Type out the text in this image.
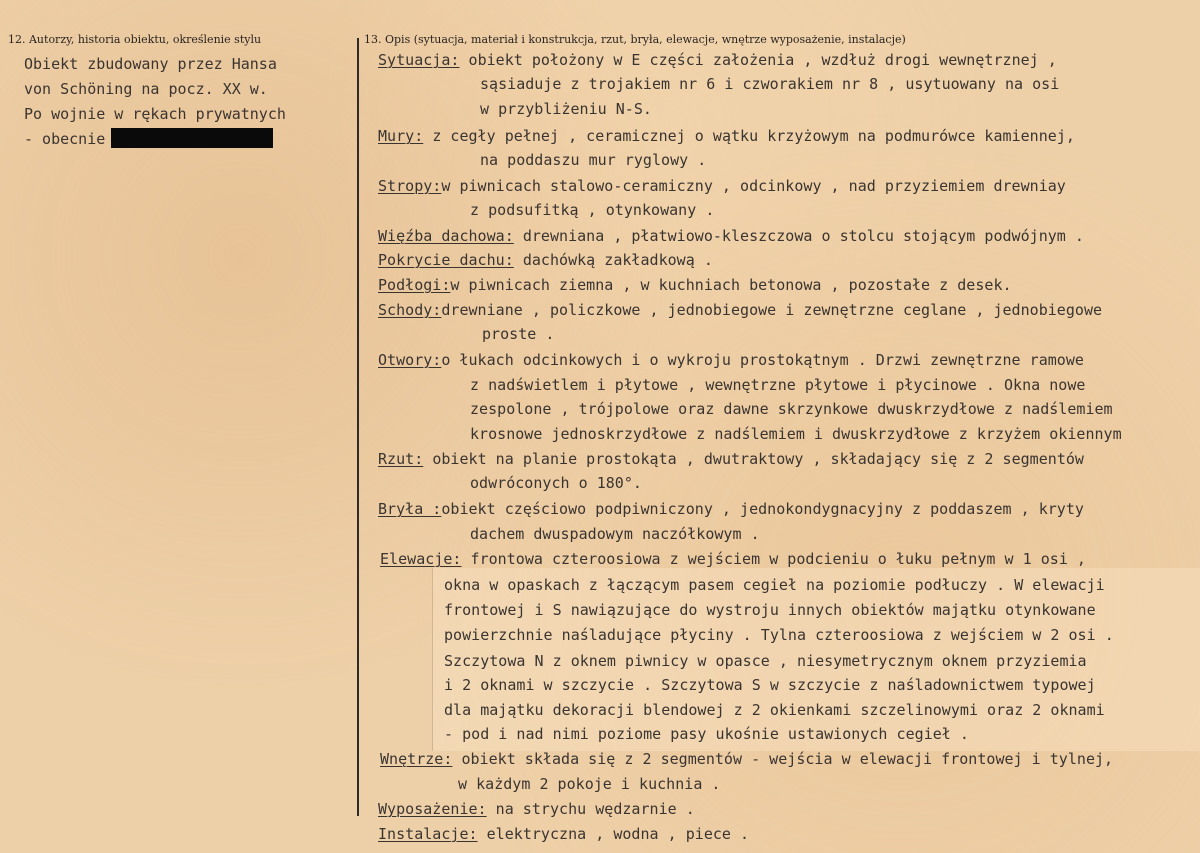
12. Autorzy, historia obiektu, określenie stylu	13. Opis (sytuacja, materiał i konstrukcja, rzut, bryła, elewacje, wnętrze wyposażenie, instalacje)
Obiekt zbudowany przez Hansa
von Schöning na pocz. XX w.
Po wojnie w rękach prywatnych
- obecnie
Sytuacja: obiekt położony w E części założenia , wzdłuż drogi wewnętrznej ,
sąsiaduje z trojakiem nr 6 i czworakiem nr 8 , usytuowany na osi
w przybliżeniu N-S.
Mury: z cegły pełnej , ceramicznej o wątku krzyżowym na podmurówce kamiennej,
na poddaszu mur ryglowy .
Stropy:w piwnicach stalowo-ceramiczny , odcinkowy , nad przyziemiem drewniay
z podsufitką , otynkowany .
Więźba dachowa: drewniana , płatwiowo-kleszczowa o stolcu stojącym podwójnym .
Pokrycie dachu: dachówką zakładkową .
Podłogi:w piwnicach ziemna , w kuchniach betonowa , pozostałe z desek.
Schody:drewniane , policzkowe , jednobiegowe i zewnętrzne ceglane , jednobiegowe
proste .
Otwory:o łukach odcinkowych i o wykroju prostokątnym . Drzwi zewnętrzne ramowe
z nadświetlem i płytowe , wewnętrzne płytowe i płycinowe . Okna nowe
zespolone , trójpolowe oraz dawne skrzynkowe dwuskrzydłowe z nadślemiem
krosnowe jednoskrzydłowe z nadślemiem i dwuskrzydłowe z krzyżem okiennym
Rzut: obiekt na planie prostokąta , dwutraktowy , składający się z 2 segmentów
odwróconych o 180°.
Bryła :obiekt częściowo podpiwniczony , jednokondygnacyjny z poddaszem , kryty
dachem dwuspadowym naczółkowym .
Elewacje: frontowa czteroosiowa z wejściem w podcieniu o łuku pełnym w 1 osi ,
okna w opaskach z łączącym pasem cegieł na poziomie podłuczy . W elewacji
frontowej i S nawiązujące do wystroju innych obiektów majątku otynkowane
powierzchnie naśladujące płyciny . Tylna czteroosiowa z wejściem w 2 osi .
Szczytowa N z oknem piwnicy w opasce , niesymetrycznym oknem przyziemia
i 2 oknami w szczycie . Szczytowa S w szczycie z naśladownictwem typowej
dla majątku dekoracji blendowej z 2 okienkami szczelinowymi oraz 2 oknami
- pod i nad nimi poziome pasy ukośnie ustawionych cegieł .
Wnętrze: obiekt składa się z 2 segmentów - wejścia w elewacji frontowej i tylnej,
w każdym 2 pokoje i kuchnia .
Wyposażenie: na strychu wędzarnie .
Instalacje: elektryczna , wodna , piece .
